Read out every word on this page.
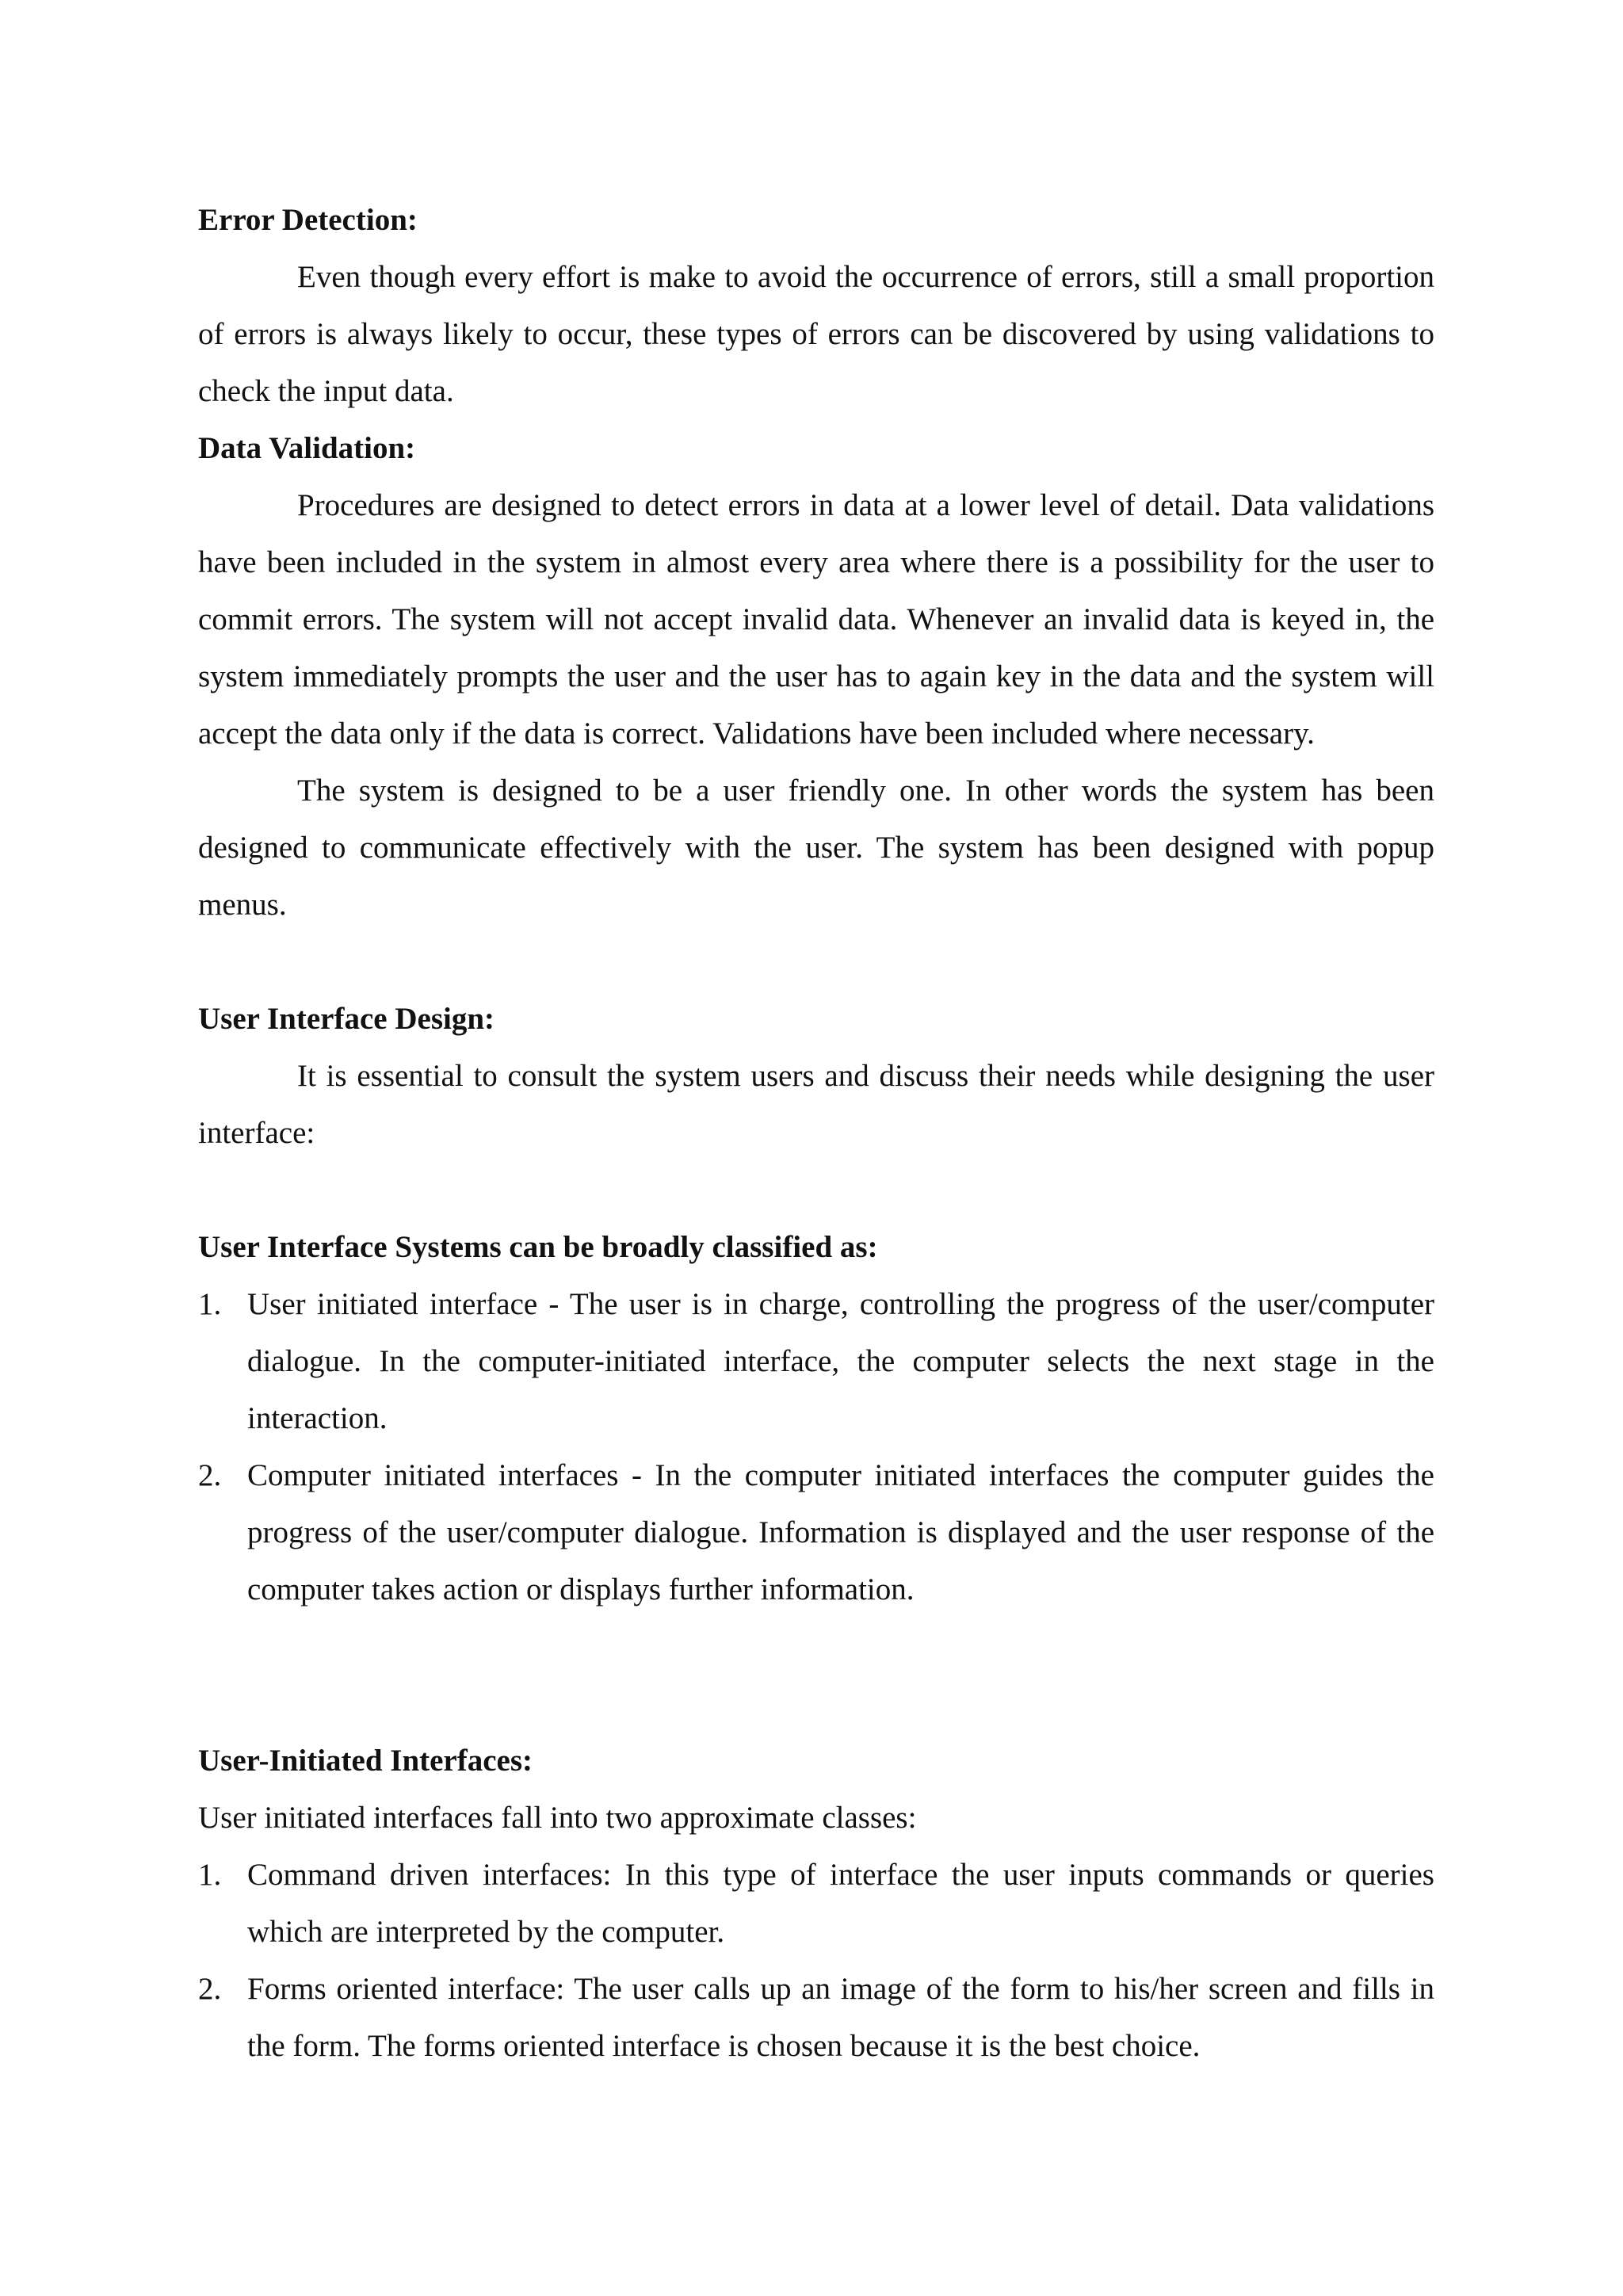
Error Detection:

Even though every effort is make to avoid the occurrence of errors, still a small proportion of errors is always likely to occur, these types of errors can be discovered by using validations to check the input data.

Data Validation:

Procedures are designed to detect errors in data at a lower level of detail. Data validations have been included in the system in almost every area where there is a possibility for the user to commit errors. The system will not accept invalid data. Whenever an invalid data is keyed in, the system immediately prompts the user and the user has to again key in the data and the system will accept the data only if the data is correct. Validations have been included where necessary.

The system is designed to be a user friendly one. In other words the system has been designed to communicate effectively with the user. The system has been designed with popup menus.

User Interface Design:

It is essential to consult the system users and discuss their needs while designing the user interface:

User Interface Systems can be broadly classified as:

1. User initiated interface - The user is in charge, controlling the progress of the user/computer dialogue. In the computer-initiated interface, the computer selects the next stage in the interaction.
2. Computer initiated interfaces - In the computer initiated interfaces the computer guides the progress of the user/computer dialogue. Information is displayed and the user response of the computer takes action or displays further information.

User-Initiated Interfaces:

User initiated interfaces fall into two approximate classes:

1. Command driven interfaces: In this type of interface the user inputs commands or queries which are interpreted by the computer.
2. Forms oriented interface: The user calls up an image of the form to his/her screen and fills in the form. The forms oriented interface is chosen because it is the best choice.
